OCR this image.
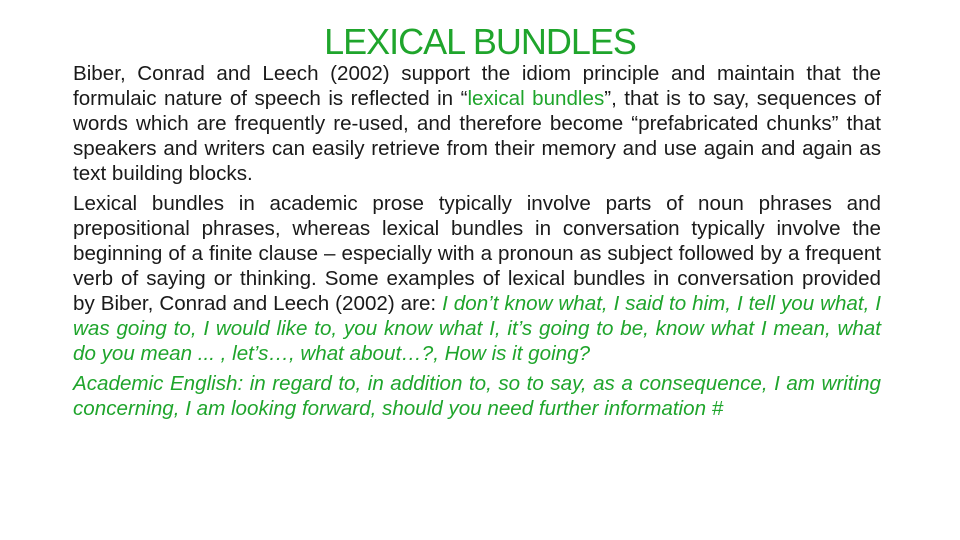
LEXICAL BUNDLES

Biber, Conrad and Leech (2002) support the idiom principle and maintain that the formulaic nature of speech is reflected in “lexical bundles”, that is to say, sequences of words which are frequently re-used, and therefore become “prefabricated chunks” that speakers and writers can easily retrieve from their memory and use again and again as text building blocks.

Lexical bundles in academic prose typically involve parts of noun phrases and prepositional phrases, whereas lexical bundles in conversation typically involve the beginning of a finite clause – especially with a pronoun as subject followed by a frequent verb of saying or thinking. Some examples of lexical bundles in conversation provided by Biber, Conrad and Leech (2002) are: I don’t know what, I said to him, I tell you what, I was going to, I would like to, you know what I, it’s going to be, know what I mean, what do you mean ... , let’s…, what about…?, How is it going?

Academic English: in regard to, in addition to, so to say, as a consequence, I am writing concerning, I am looking forward, should you need further information #
